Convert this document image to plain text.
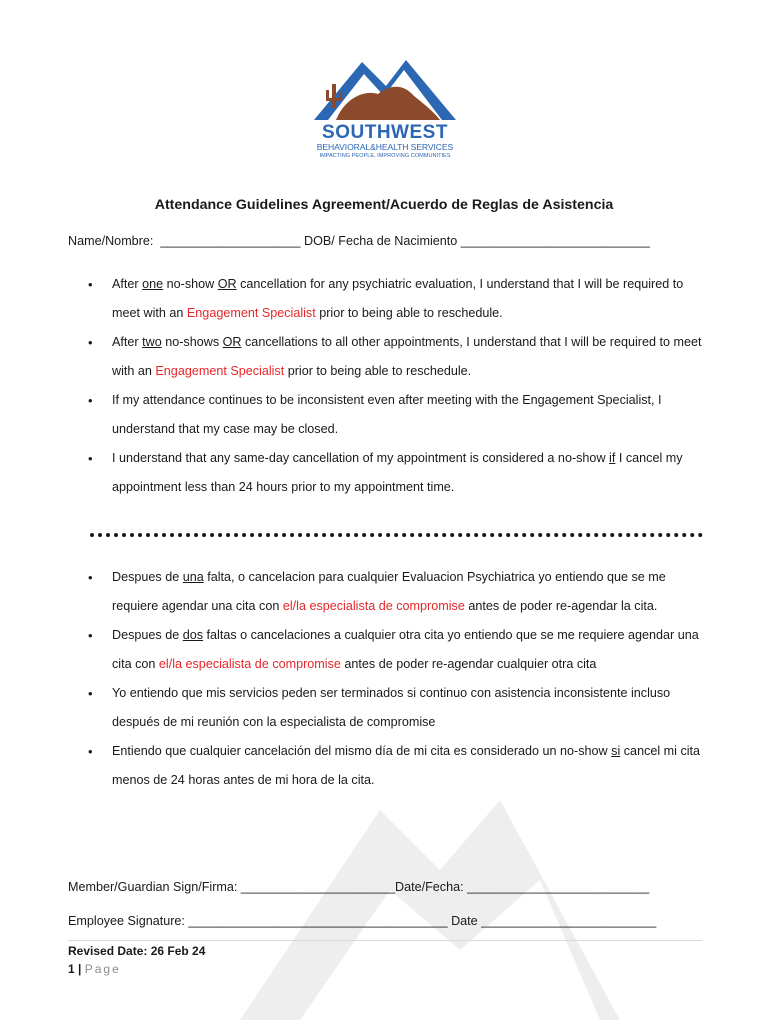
SOUTHWEST
BEHAVIORAL&HEALTH SERVICES
IMPACTING PEOPLE, IMPROVING COMMUNITIES
Attendance Guidelines Agreement/Acuerdo de Reglas de Asistencia
Name/Nombre: ____________________ DOB/ Fecha de Nacimiento ___________________________
• After one no-show OR cancellation for any psychiatric evaluation, I understand that I will be required to meet with an Engagement Specialist prior to being able to reschedule.
• After two no-shows OR cancellations to all other appointments, I understand that I will be required to meet with an Engagement Specialist prior to being able to reschedule.
• If my attendance continues to be inconsistent even after meeting with the Engagement Specialist, I understand that my case may be closed.
• I understand that any same-day cancellation of my appointment is considered a no-show if I cancel my appointment less than 24 hours prior to my appointment time.
• Despues de una falta, o cancelacion para cualquier Evaluacion Psychiatrica yo entiendo que se me requiere agendar una cita con el/la especialista de compromise antes de poder re-agendar la cita.
• Despues de dos faltas o cancelaciones a cualquier otra cita yo entiendo que se me requiere agendar una cita con el/la especialista de compromise antes de poder re-agendar cualquier otra cita
• Yo entiendo que mis servicios peden ser terminados si continuo con asistencia inconsistente incluso después de mi reunión con la especialista de compromise
• Entiendo que cualquier cancelación del mismo día de mi cita es considerado un no-show si cancel mi cita menos de 24 horas antes de mi hora de la cita.
Member/Guardian Sign/Firma: ______________________Date/Fecha: __________________________
Employee Signature: _____________________________________ Date _________________________
Revised Date: 26 Feb 24
1 | Page
